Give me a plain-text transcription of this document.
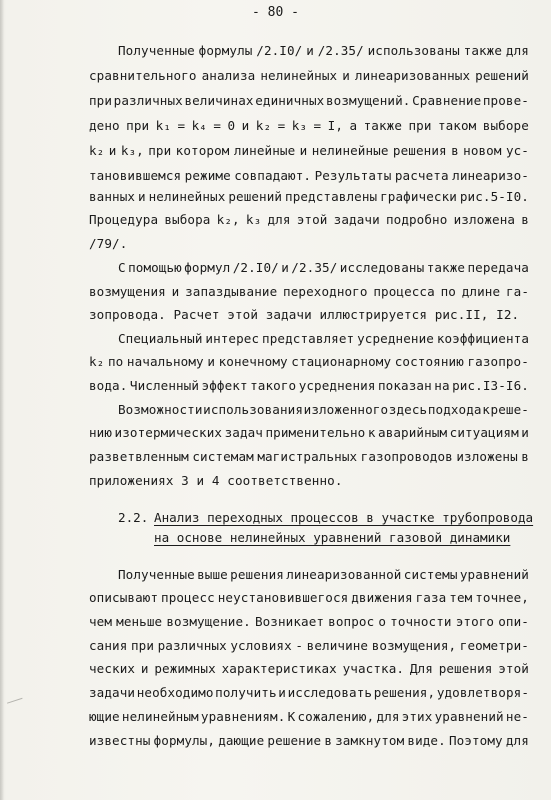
- 80 -
Полученные формулы /2.I0/ и /2.35/ использованы также для
сравнительного анализа нелинейных и линеаризованных решений
при различных величинах единичных возмущений. Сравнение прове-
дено при k₁ = k₄ = 0 и k₂ = k₃ = I, а также при таком выборе
k₂ и k₃, при котором линейные и нелинейные решения в новом ус-
тановившемся режиме совпадают. Результаты расчета линеаризо-
ванных и нелинейных решений представлены графически рис.5-I0.
Процедура выбора k₂, k₃ для этой задачи подробно изложена в
/79/.
С помощью формул /2.I0/ и /2.35/ исследованы также передача
возмущения и запаздывание переходного процесса по длине га-
зопровода. Расчет этой задачи иллюстрируется рис.II, I2.
Специальный интерес представляет усреднение коэффициента
k₂ по начальному и конечному стационарному состоянию газопро-
вода. Численный эффект такого усреднения показан на рис.I3-I6.
Возможности использования изложенного здесь подхода к реше-
нию изотермических задач применительно к аварийным ситуациям и
разветвленным системам магистральных газопроводов изложены в
приложениях 3 и 4 соответственно.
2.2. Анализ переходных процессов в участке трубопровода
на основе нелинейных уравнений газовой динамики
Полученные выше решения линеаризованной системы уравнений
описывают процесс неустановившегося движения газа тем точнее,
чем меньше возмущение. Возникает вопрос о точности этого опи-
сания при различных условиях - величине возмущения, геометри-
ческих и режимных характеристиках участка. Для решения этой
задачи необходимо получить и исследовать решения, удовлетворя-
ющие нелинейным уравнениям. К сожалению, для этих уравнений не-
известны формулы, дающие решение в замкнутом виде. Поэтому для
